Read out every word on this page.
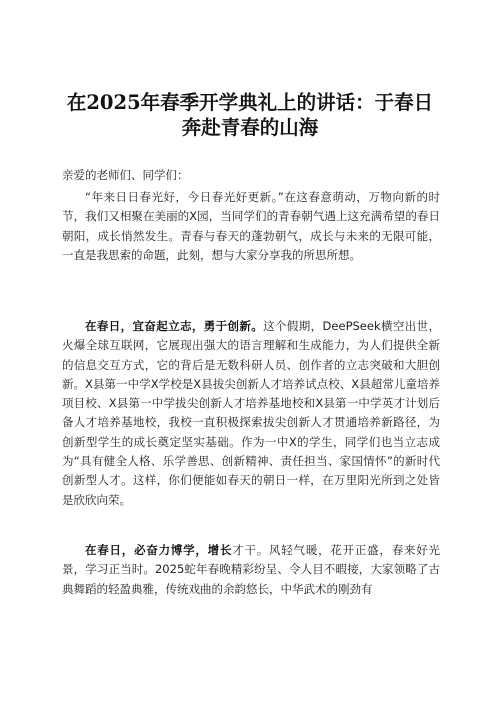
在2025年春季开学典礼上的讲话：于春日奔赴青春的山海
亲爱的老师们、同学们：
“年来日日春光好，今日春光好更新。”在这春意萌动，万物向新的时节，我们又相聚在美丽的X园，当同学们的青春朝气遇上这充满希望的春日朝阳，成长悄然发生。青春与春天的蓬勃朝气，成长与未来的无限可能，一直是我思索的命题，此刻，想与大家分享我的所思所想。
在春日，宜奋起立志，勇于创新。这个假期，DeePSeek横空出世，火爆全球互联网，它展现出强大的语言理解和生成能力，为人们提供全新的信息交互方式，它的背后是无数科研人员、创作者的立志突破和大胆创新。X县第一中学X学校是X县拔尖创新人才培养试点校、X县超常儿童培养项目校、X县第一中学拔尖创新人才培养基地校和X县第一中学英才计划后备人才培养基地校，我校一直积极探索拔尖创新人才贯通培养新路径，为创新型学生的成长奠定坚实基础。作为一中X的学生，同学们也当立志成为“具有健全人格、乐学善思、创新精神、责任担当、家国情怀”的新时代创新型人才。这样，你们便能如春天的朝日一样，在万里阳光所到之处皆是欣欣向荣。
在春日，必奋力博学，增长才干。风轻气暖，花开正盛，春来好光景，学习正当时。2025蛇年春晚精彩纷呈、令人目不暇接，大家领略了古典舞蹈的轻盈典雅，传统戏曲的余韵悠长，中华武术的刚劲有
